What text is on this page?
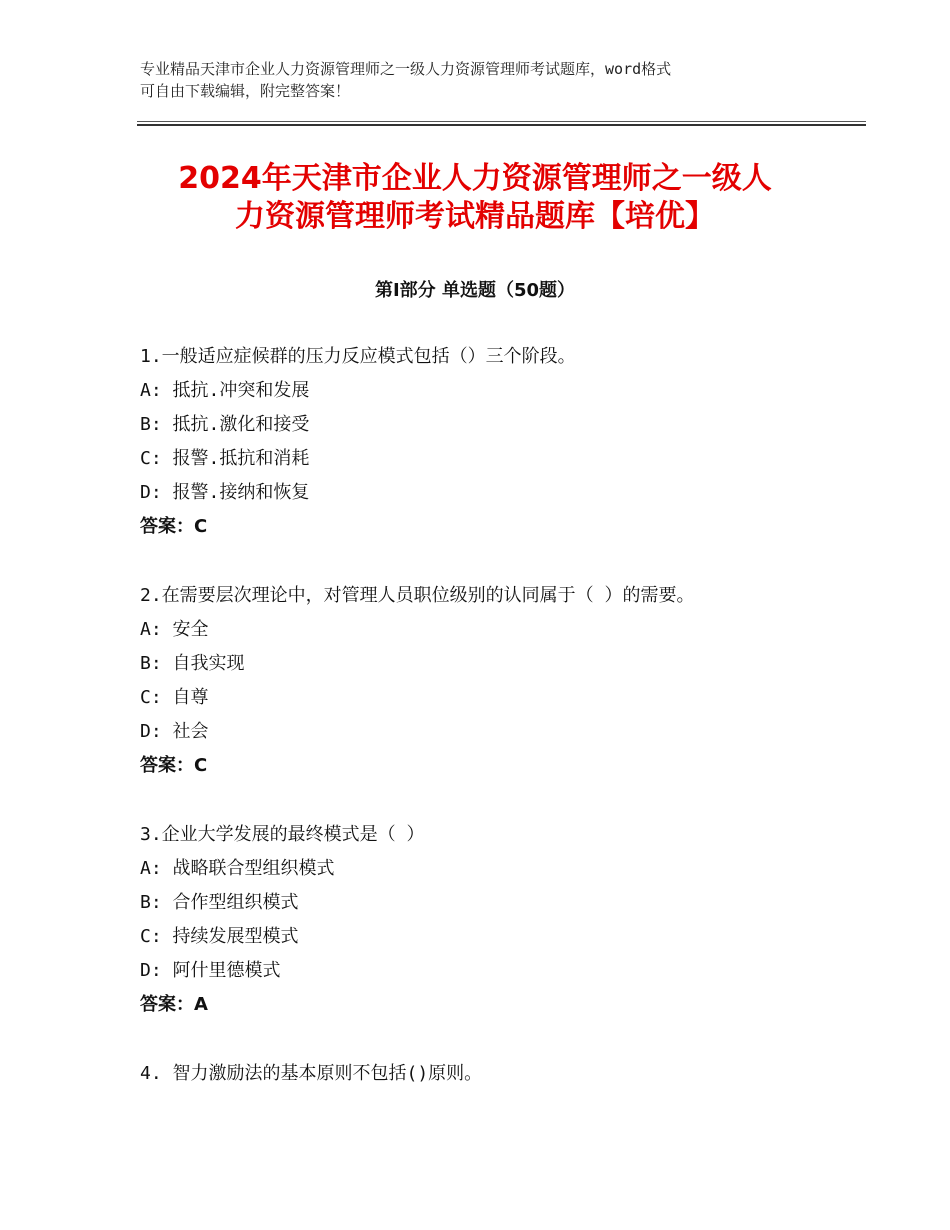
专业精品天津市企业人力资源管理师之一级人力资源管理师考试题库，word格式
可自由下载编辑，附完整答案！
2024年天津市企业人力资源管理师之一级人
力资源管理师考试精品题库【培优】
第Ⅰ部分 单选题（50题）
1.一般适应症候群的压力反应模式包括（）三个阶段。
A: 抵抗.冲突和发展
B: 抵抗.激化和接受
C: 报警.抵抗和消耗
D: 报警.接纳和恢复
答案：C
2.在需要层次理论中，对管理人员职位级别的认同属于（ ）的需要。
A: 安全
B: 自我实现
C: 自尊
D: 社会
答案：C
3.企业大学发展的最终模式是（ ）
A: 战略联合型组织模式
B: 合作型组织模式
C: 持续发展型模式
D: 阿什里德模式
答案：A
4. 智力激励法的基本原则不包括()原则。
